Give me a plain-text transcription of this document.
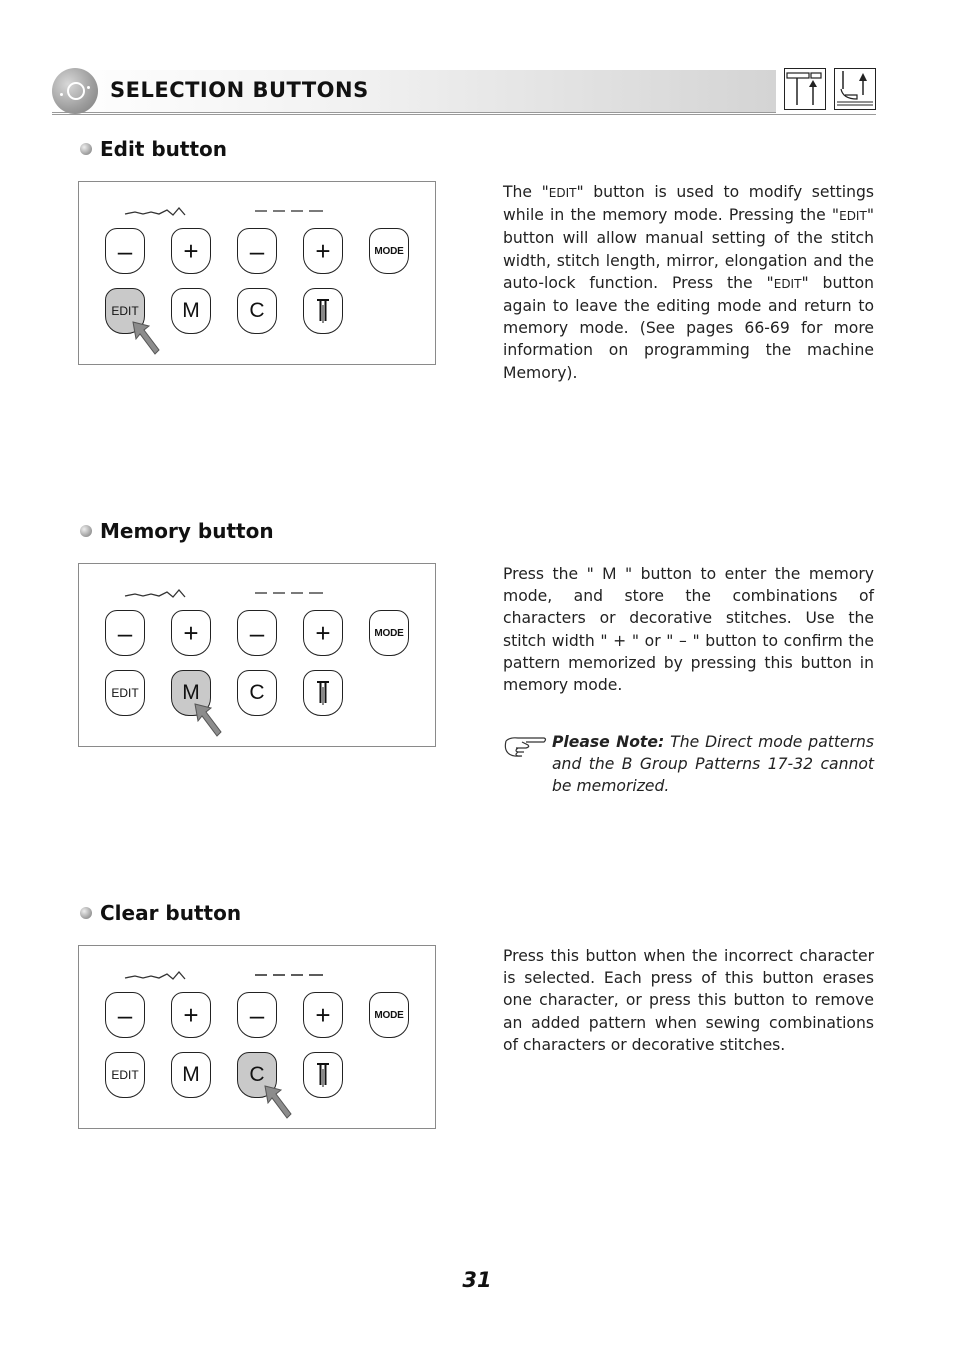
SELECTION BUTTONS
Edit button
– + – +	MODE
EDIT M C
The "EDIT" button is used to modify settings while in the memory mode. Pressing the "EDIT" button will allow manual setting of the stitch width, stitch length, mirror, elongation and the auto-lock function. Press the "EDIT" button again to leave the editing mode and return to memory mode. (See pages 66-69 for more information on programming the machine Memory).
Memory button
– + – +	MODE
EDIT M C
Press the " M " button to enter the memory mode, and store the combinations of characters or decorative stitches. Use the stitch width " + " or " – " button to confirm the pattern memorized by pressing this button in memory mode.
Please Note: The Direct mode patterns and the B Group Patterns 17-32 cannot be memorized.
Clear button
– + – +	MODE
EDIT M C
Press this button when the incorrect character is selected. Each press of this button erases one character, or press this button to remove an added pattern when sewing combinations of characters or decorative stitches.
31
